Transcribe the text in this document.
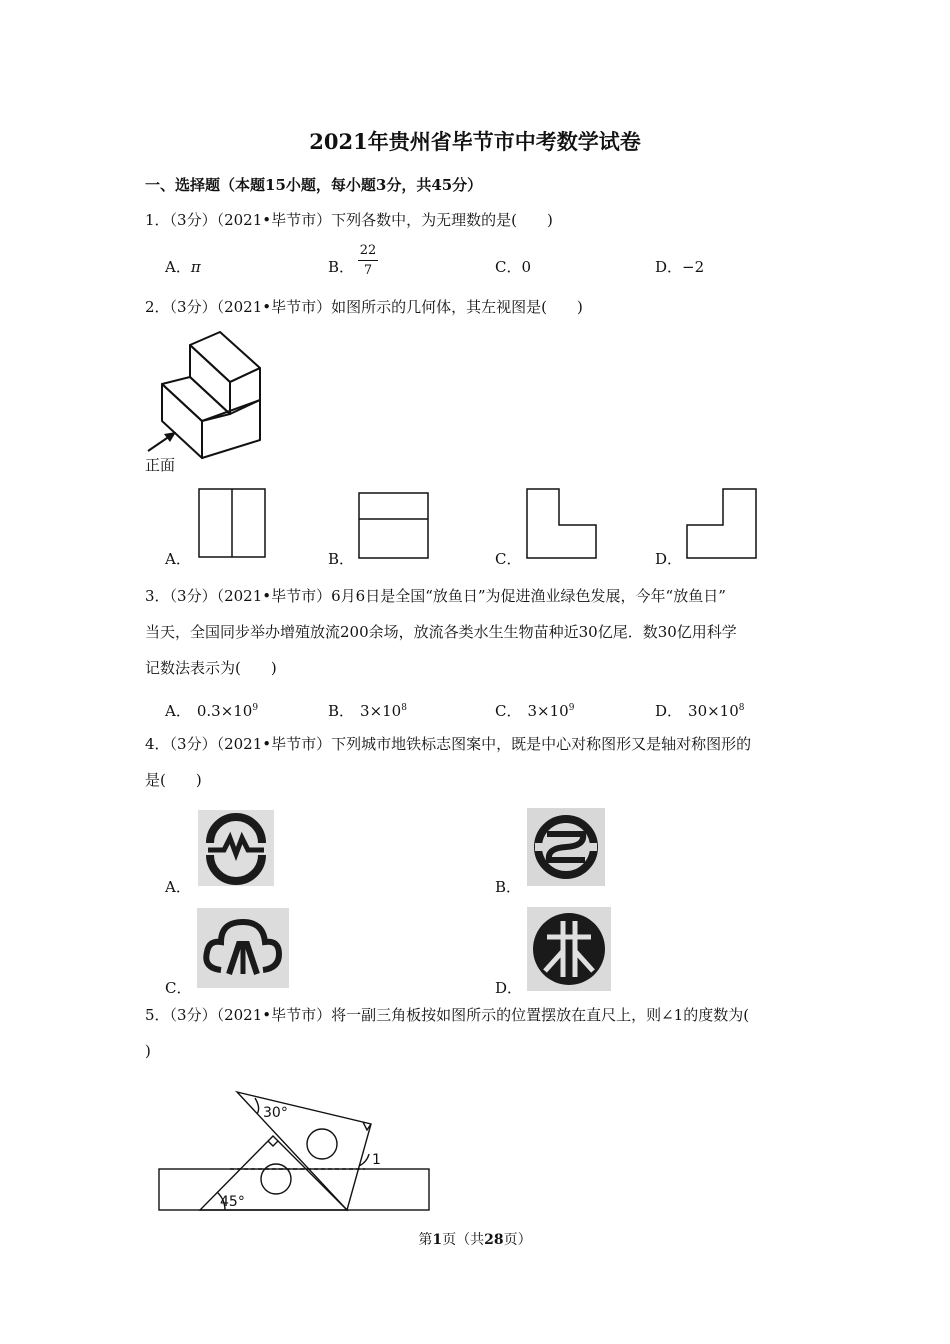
2021年贵州省毕节市中考数学试卷
一、选择题（本题15小题，每小题3分，共45分）
1．（3分）（2021•毕节市）下列各数中，为无理数的是(　　)
A．π	B．
22
7	C．0	D．−2
2．（3分）（2021•毕节市）如图所示的几何体，其左视图是(　　)
正面
A．	B．	C．	D．
3．（3分）（2021•毕节市）6月6日是全国“放鱼日”为促进渔业绿色发展，今年“放鱼日”
当天，全国同步举办增殖放流200余场，放流各类水生生物苗种近30亿尾．数30亿用科学
记数法表示为(　　)
A． $0.3\times 10^9$	B． $3\times 10^8$	C． $3\times 10^9$	D． $30\times 10^8$
4．（3分）（2021•毕节市）下列城市地铁标志图案中，既是中心对称图形又是轴对称图形的
是(　　)
A．	B．
C．	D．
5．（3分）（2021•毕节市）将一副三角板按如图所示的位置摆放在直尺上，则∠1的度数为(
)
30°
45°
1
第1页（共28页）
